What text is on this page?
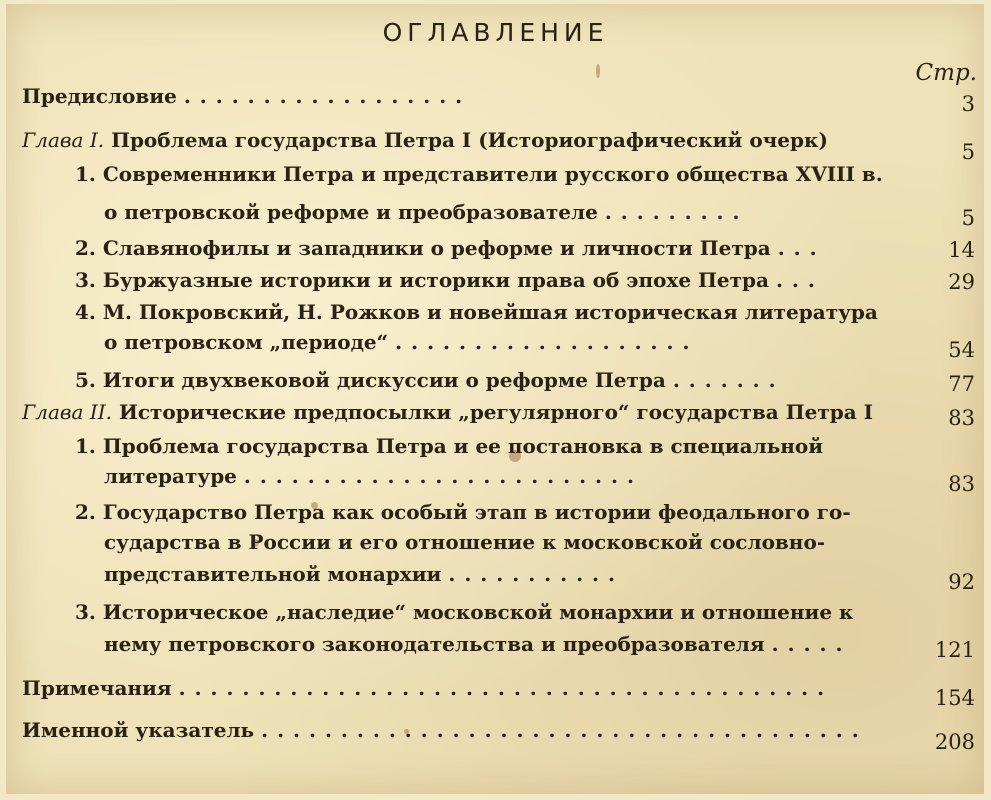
ОГЛАВЛЕНИЕ
Стр.
Предисловие ..................	3
Глава I. Проблема государства Петра I (Историографический очерк)	5
1. Современники Петра и представители русского общества XVIII в.
о петровской реформе и преобразователе .........	5
2. Славянофилы и западники о реформе и личности Петра ...	14
3. Буржуазные историки и историки права об эпохе Петра ...	29
4. М. Покровский, Н. Рожков и новейшая историческая литература
о петровском „периоде“ ...................	54
5. Итоги двухвековой дискуссии о реформе Петра .......	77
Глава II. Исторические предпосылки „регулярного“ государства Петра I	83
1. Проблема государства Петра и ее постановка в специальной
литературе .........................	83
2. Государство Петра как особый этап в истории феодального го-
сударства в России и его отношение к московской сословно-
представительной монархии ...........	92
3. Историческое „наследие“ московской монархии и отношение к
нему петровского законодательства и преобразователя .....	121
Примечания .........................................	154
Именной указатель ......................................	208
